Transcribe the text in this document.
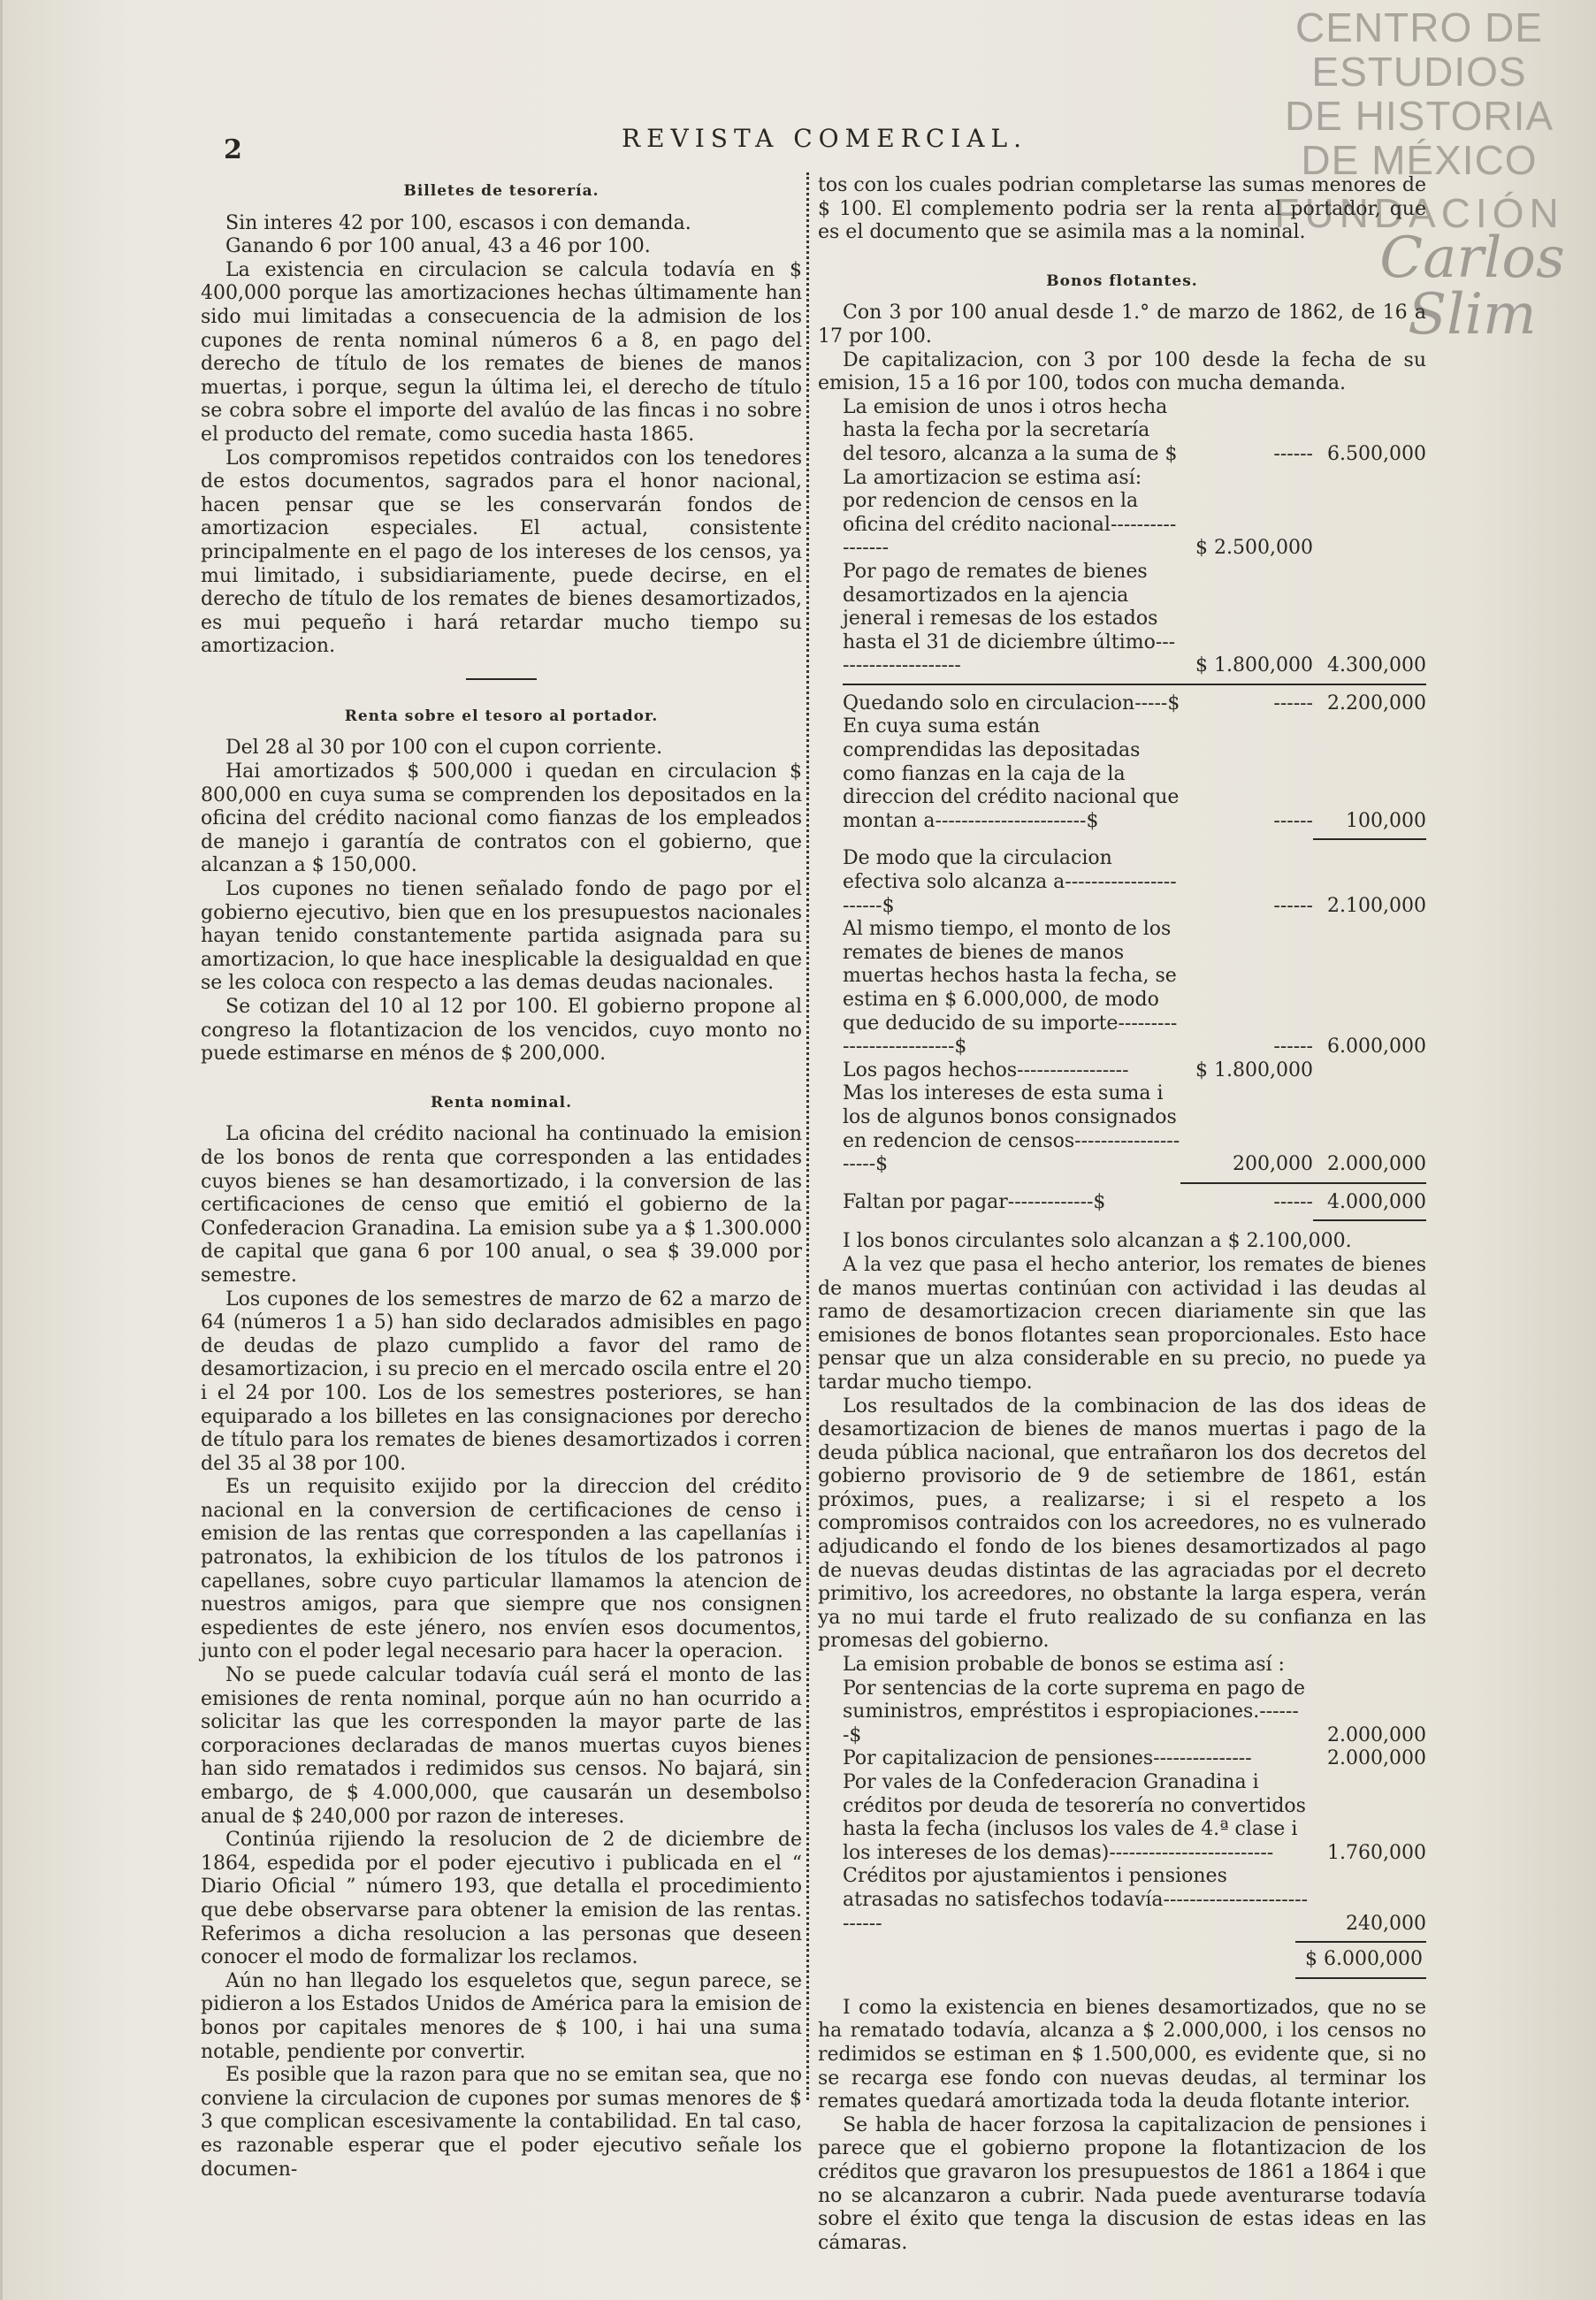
CENTRO DE
ESTUDIOS
DE HISTORIA
DE MÉXICO
FUNDACIÓN
Carlos Slim
2	REVISTA COMERCIAL.
Billetes de tesorería.

Sin interes 42 por 100, escasos i con demanda.

Ganando 6 por 100 anual, 43 a 46 por 100.

La existencia en circulacion se calcula todavía en $ 400,000 porque las amortizaciones hechas últimamente han sido mui limitadas a consecuencia de la admision de los cupones de renta nominal números 6 a 8, en pago del derecho de título de los remates de bienes de manos muertas, i porque, segun la última lei, el derecho de título se cobra sobre el importe del avalúo de las fincas i no sobre el producto del remate, como sucedia hasta 1865.

Los compromisos repetidos contraidos con los tenedores de estos documentos, sagrados para el honor nacional, hacen pensar que se les conservarán fondos de amortizacion especiales. El actual, consistente principalmente en el pago de los intereses de los censos, ya mui limitado, i subsidiariamente, puede decirse, en el derecho de título de los remates de bienes desamortizados, es mui pequeño i hará retardar mucho tiempo su amortizacion.

Renta sobre el tesoro al portador.

Del 28 al 30 por 100 con el cupon corriente.

Hai amortizados $ 500,000 i quedan en circulacion $ 800,000 en cuya suma se comprenden los depositados en la oficina del crédito nacional como fianzas de los empleados de manejo i garantía de contratos con el gobierno, que alcanzan a $ 150,000.

Los cupones no tienen señalado fondo de pago por el gobierno ejecutivo, bien que en los presupuestos nacionales hayan tenido constantemente partida asignada para su amortizacion, lo que hace inesplicable la desigualdad en que se les coloca con respecto a las demas deudas nacionales.

Se cotizan del 10 al 12 por 100. El gobierno propone al congreso la flotantizacion de los vencidos, cuyo monto no puede estimarse en ménos de $ 200,000.

Renta nominal.

La oficina del crédito nacional ha continuado la emision de los bonos de renta que corresponden a las entidades cuyos bienes se han desamortizado, i la conversion de las certificaciones de censo que emitió el gobierno de la Confederacion Granadina. La emision sube ya a $ 1.300.000 de capital que gana 6 por 100 anual, o sea $ 39.000 por semestre.

Los cupones de los semestres de marzo de 62 a marzo de 64 (números 1 a 5) han sido declarados admisibles en pago de deudas de plazo cumplido a favor del ramo de desamortizacion, i su precio en el mercado oscila entre el 20 i el 24 por 100. Los de los semestres posteriores, se han equiparado a los billetes en las consignaciones por derecho de título para los remates de bienes desamortizados i corren del 35 al 38 por 100.

Es un requisito exijido por la direccion del crédito nacional en la conversion de certificaciones de censo i emision de las rentas que corresponden a las capellanías i patronatos, la exhibicion de los títulos de los patronos i capellanes, sobre cuyo particular llamamos la atencion de nuestros amigos, para que siempre que nos consignen espedientes de este jénero, nos envíen esos documentos, junto con el poder legal necesario para hacer la operacion.

No se puede calcular todavía cuál será el monto de las emisiones de renta nominal, porque aún no han ocurrido a solicitar las que les corresponden la mayor parte de las corporaciones declaradas de manos muertas cuyos bienes han sido rematados i redimidos sus censos. No bajará, sin embargo, de $ 4.000,000, que causarán un desembolso anual de $ 240,000 por razon de intereses.

Continúa rijiendo la resolucion de 2 de diciembre de 1864, espedida por el poder ejecutivo i publicada en el “ Diario Oficial ” número 193, que detalla el procedimiento que debe observarse para obtener la emision de las rentas. Referimos a dicha resolucion a las personas que deseen conocer el modo de formalizar los reclamos.

Aún no han llegado los esqueletos que, segun parece, se pidieron a los Estados Unidos de América para la emision de bonos por capitales menores de $ 100, i hai una suma notable, pendiente por convertir.

Es posible que la razon para que no se emitan sea, que no conviene la circulacion de cupones por sumas menores de $ 3 que complican escesivamente la contabilidad. En tal caso, es razonable esperar que el poder ejecutivo señale los documen-

tos con los cuales podrian completarse las sumas menores de $ 100. El complemento podria ser la renta al portador, que es el documento que se asimila mas a la nominal.

Bonos flotantes.

Con 3 por 100 anual desde 1.° de marzo de 1862, de 16 a 17 por 100.

De capitalizacion, con 3 por 100 desde la fecha de su emision, 15 a 16 por 100, todos con mucha demanda.

La emision de unos i otros hecha hasta la fecha por la secretaría del tesoro, alcanza a la suma de $	------ 6.500,000
La amortizacion se estima así: por redencion de censos en la oficina del crédito nacional-----------------	$ 2.500,000
Por pago de remates de bienes desamortizados en la ajencia jeneral i remesas de los estados hasta el 31 de diciembre último---------------------	$ 1.800,000 4.300,000
Quedando solo en circulacion-----$	------ 2.200,000
En cuya suma están comprendidas las depositadas como fianzas en la caja de la direccion del crédito nacional que montan a-----------------------$	------	100,000
De modo que la circulacion efectiva solo alcanza a-----------------------$	------ 2.100,000
Al mismo tiempo, el monto de los remates de bienes de manos muertas hechos hasta la fecha, se estima en $ 6.000,000, de modo que deducido de su importe--------------------------$	------ 6.000,000
Los pagos hechos-----------------	$ 1.800,000
Mas los intereses de esta suma i los de algunos bonos consignados en redencion de censos---------------------$	200,000 2.000,000
Faltan por pagar-------------$	------ 4.000,000

I los bonos circulantes solo alcanzan a $ 2.100,000.

A la vez que pasa el hecho anterior, los remates de bienes de manos muertas continúan con actividad i las deudas al ramo de desamortizacion crecen diariamente sin que las emisiones de bonos flotantes sean proporcionales. Esto hace pensar que un alza considerable en su precio, no puede ya tardar mucho tiempo.

Los resultados de la combinacion de las dos ideas de desamortizacion de bienes de manos muertas i pago de la deuda pública nacional, que entrañaron los dos decretos del gobierno provisorio de 9 de setiembre de 1861, están próximos, pues, a realizarse; i si el respeto a los compromisos contraidos con los acreedores, no es vulnerado adjudicando el fondo de los bienes desamortizados al pago de nuevas deudas distintas de las agraciadas por el decreto primitivo, los acreedores, no obstante la larga espera, verán ya no mui tarde el fruto realizado de su confianza en las promesas del gobierno.

La emision probable de bonos se estima así :

Por sentencias de la corte suprema en pago de suministros, empréstitos i espropiaciones.-------$	2.000,000
Por capitalizacion de pensiones---------------	2.000,000
Por vales de la Confederacion Granadina i créditos por deuda de tesorería no convertidos hasta la fecha (inclusos los vales de 4.ª clase i los intereses de los demas)-------------------------	1.760,000
Créditos por ajustamientos i pensiones atrasadas no satisfechos todavía----------------------------	240,000
$ 6.000,000

I como la existencia en bienes desamortizados, que no se ha rematado todavía, alcanza a $ 2.000,000, i los censos no redimidos se estiman en $ 1.500,000, es evidente que, si no se recarga ese fondo con nuevas deudas, al terminar los remates quedará amortizada toda la deuda flotante interior.

Se habla de hacer forzosa la capitalizacion de pensiones i parece que el gobierno propone la flotantizacion de los créditos que gravaron los presupuestos de 1861 a 1864 i que no se alcanzaron a cubrir. Nada puede aventurarse todavía sobre el éxito que tenga la discusion de estas ideas en las cámaras.
